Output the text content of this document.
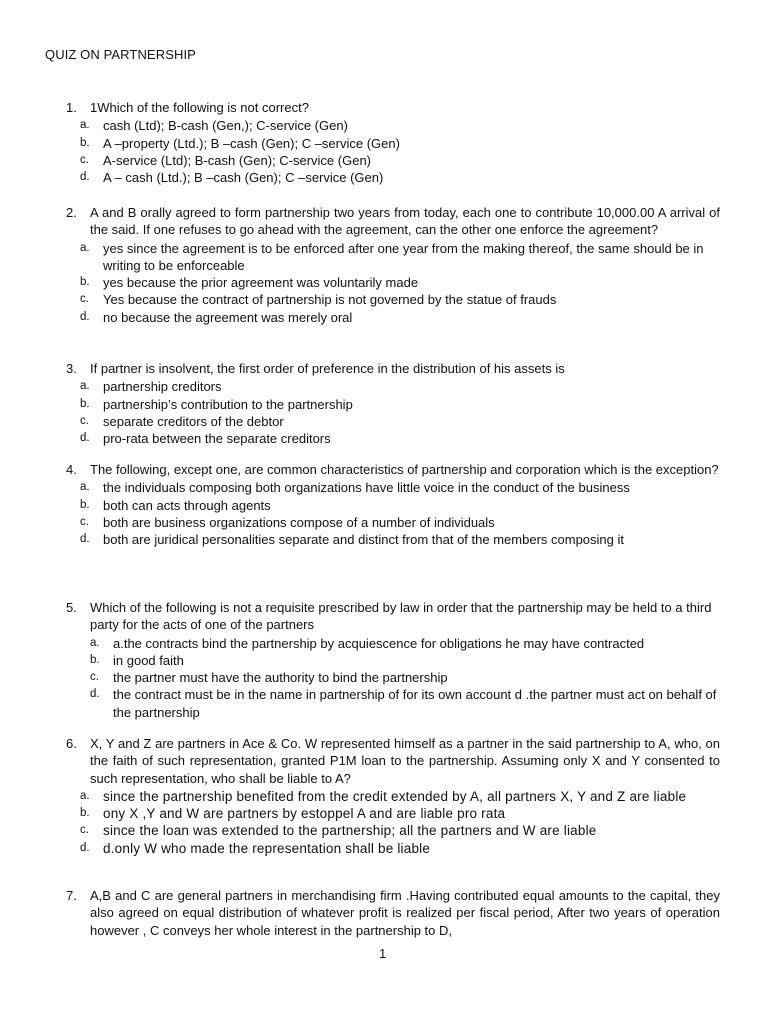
QUIZ ON PARTNERSHIP
1.	1Which of the following is not correct?
a.	cash (Ltd); B-cash (Gen,); C-service (Gen)
b.	A –property (Ltd.); B –cash (Gen); C –service (Gen)
c.	A-service (Ltd); B-cash (Gen); C-service (Gen)
d.	A – cash (Ltd.); B –cash (Gen); C –service (Gen)
2.	A and B orally agreed to form partnership two years from today, each one to contribute 10,000.00 A arrival of the said. If one refuses to go ahead with the agreement, can the other one enforce the agreement?
a.	yes since the agreement is to be enforced after one year from the making thereof, the same should be in writing to be enforceable
b.	yes because the prior agreement was voluntarily made
c.	Yes because the contract of partnership is not governed by the statue of frauds
d.	no because the agreement was merely oral
3.	If partner is insolvent, the first order of preference in the distribution of his assets is
a.	partnership creditors
b.	partnership’s contribution to the partnership
c.	separate creditors of the debtor
d.	pro-rata between the separate creditors
4.	The following, except one, are common characteristics of partnership and corporation which is the exception?
a.	the individuals composing both organizations have little voice in the conduct of the business
b.	both can acts through agents
c.	both are business organizations compose of a number of individuals
d.	both are juridical personalities separate and distinct from that of the members composing it
5.	Which of the following is not a requisite prescribed by law in order that the partnership may be held to a third party for the acts of one of the partners
a.	a.the contracts bind the partnership by acquiescence for obligations he may have contracted
b.	in good faith
c.	the partner must have the authority to bind the partnership
d.	the contract must be in the name in partnership of for its own account d .the partner must act on behalf of the partnership
6.	X, Y and Z are partners in Ace & Co. W represented himself as a partner in the said partnership to A, who, on the faith of such representation, granted P1M loan to the partnership. Assuming only X and Y consented to such representation, who shall be liable to A?
a. since the partnership benefited from the credit extended by A, all partners X, Y and Z are liable
b. ony X ,Y and W are partners by estoppel A and are liable pro rata
c.	since the loan was extended to the partnership; all the partners and W are liable
d. d.only W who made the representation shall be liable
7.	A,B and C are general partners in merchandising firm .Having contributed equal amounts to the capital, they also agreed on equal distribution of whatever profit is realized per fiscal period, After two years of operation however , C conveys her whole interest in the partnership to D,
1
